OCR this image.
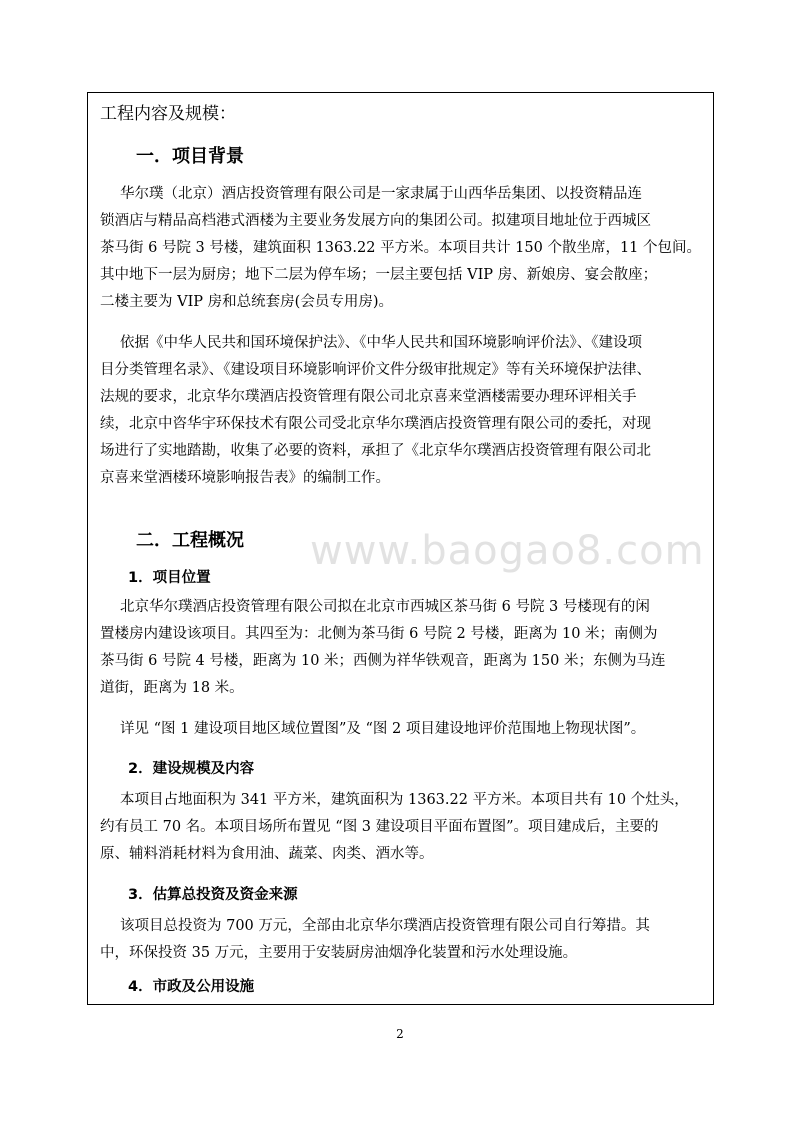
工程内容及规模：
一．项目背景
华尔璞（北京）酒店投资管理有限公司是一家隶属于山西华岳集团、以投资精品连
锁酒店与精品高档港式酒楼为主要业务发展方向的集团公司。拟建项目地址位于西城区
茶马街 6 号院 3 号楼，建筑面积 1363.22 平方米。本项目共计 150 个散坐席，11 个包间。
其中地下一层为厨房；地下二层为停车场；一层主要包括 VIP 房、新娘房、宴会散座；
二楼主要为 VIP 房和总统套房(会员专用房)。
依据《中华人民共和国环境保护法》、《中华人民共和国环境影响评价法》、《建设项
目分类管理名录》、《建设项目环境影响评价文件分级审批规定》等有关环境保护法律、
法规的要求，北京华尔璞酒店投资管理有限公司北京喜来堂酒楼需要办理环评相关手
续，北京中咨华宇环保技术有限公司受北京华尔璞酒店投资管理有限公司的委托，对现
场进行了实地踏勘，收集了必要的资料，承担了《北京华尔璞酒店投资管理有限公司北
京喜来堂酒楼环境影响报告表》的编制工作。
二．工程概况
1．项目位置
北京华尔璞酒店投资管理有限公司拟在北京市西城区茶马街 6 号院 3 号楼现有的闲
置楼房内建设该项目。其四至为：北侧为茶马街 6 号院 2 号楼，距离为 10 米；南侧为
茶马街 6 号院 4 号楼，距离为 10 米；西侧为祥华铁观音，距离为 150 米；东侧为马连
道街，距离为 18 米。
详见 “图 1 建设项目地区域位置图”及 “图 2 项目建设地评价范围地上物现状图”。
2．建设规模及内容
本项目占地面积为 341 平方米，建筑面积为 1363.22 平方米。本项目共有 10 个灶头，
约有员工 70 名。本项目场所布置见 “图 3 建设项目平面布置图”。项目建成后，主要的
原、辅料消耗材料为食用油、蔬菜、肉类、酒水等。
3．估算总投资及资金来源
该项目总投资为 700 万元，全部由北京华尔璞酒店投资管理有限公司自行筹措。其
中，环保投资 35 万元，主要用于安装厨房油烟净化装置和污水处理设施。
4．市政及公用设施
www.baogao8.com
2
